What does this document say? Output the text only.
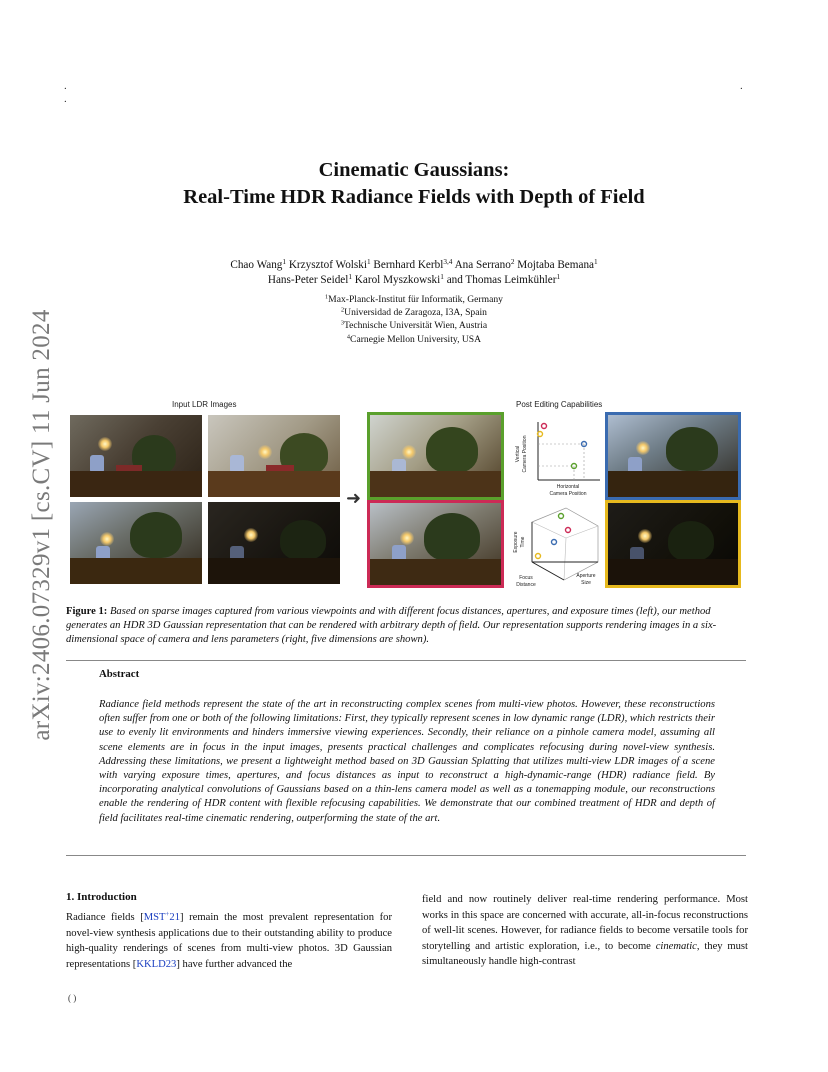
.
.
.
arXiv:2406.07329v1 [cs.CV] 11 Jun 2024
Cinematic Gaussians:
Real-Time HDR Radiance Fields with Depth of Field
Chao Wang$^1$ Krzysztof Wolski$^1$ Bernhard Kerbl$^{3,4}$ Ana Serrano$^2$ Mojtaba Bemana$^1$
Hans-Peter Seidel$^1$ Karol Myszkowski$^1$ and Thomas Leimkühler$^1$
$^1$Max-Planck-Institut für Informatik, Germany
$^2$Universidad de Zaragoza, I3A, Spain
$^3$Technische Universität Wien, Austria
$^4$Carnegie Mellon University, USA
Input LDR Images	Post Editing Capabilities
➜
Vertical Camera Position
Horizontal
Camera Position
Exposure Time
Focus
Distance
Aperture
Size
Figure 1: Based on sparse images captured from various viewpoints and with different focus distances, apertures, and exposure times (left), our method generates an HDR 3D Gaussian representation that can be rendered with arbitrary depth of field. Our representation supports rendering images in a six-dimensional space of camera and lens parameters (right, five dimensions are shown).
Abstract
Radiance field methods represent the state of the art in reconstructing complex scenes from multi-view photos. However, these reconstructions often suffer from one or both of the following limitations: First, they typically represent scenes in low dynamic range (LDR), which restricts their use to evenly lit environments and hinders immersive viewing experiences. Secondly, their reliance on a pinhole camera model, assuming all scene elements are in focus in the input images, presents practical challenges and complicates refocusing during novel-view synthesis. Addressing these limitations, we present a lightweight method based on 3D Gaussian Splatting that utilizes multi-view LDR images of a scene with varying exposure times, apertures, and focus distances as input to reconstruct a high-dynamic-range (HDR) radiance field. By incorporating analytical convolutions of Gaussians based on a thin-lens camera model as well as a tonemapping module, our reconstructions enable the rendering of HDR content with flexible refocusing capabilities. We demonstrate that our combined treatment of HDR and depth of field facilitates real-time cinematic rendering, outperforming the state of the art.
1. Introduction
Radiance fields [MST+21] remain the most prevalent representation for novel-view synthesis applications due to their outstanding ability to produce high-quality renderings of scenes from multi-view photos. 3D Gaussian representations [KKLD23] have further advanced the
field and now routinely deliver real-time rendering performance. Most works in this space are concerned with accurate, all-in-focus reconstructions of well-lit scenes. However, for radiance fields to become versatile tools for storytelling and artistic exploration, i.e., to become cinematic, they must simultaneously handle high-contrast
( )
